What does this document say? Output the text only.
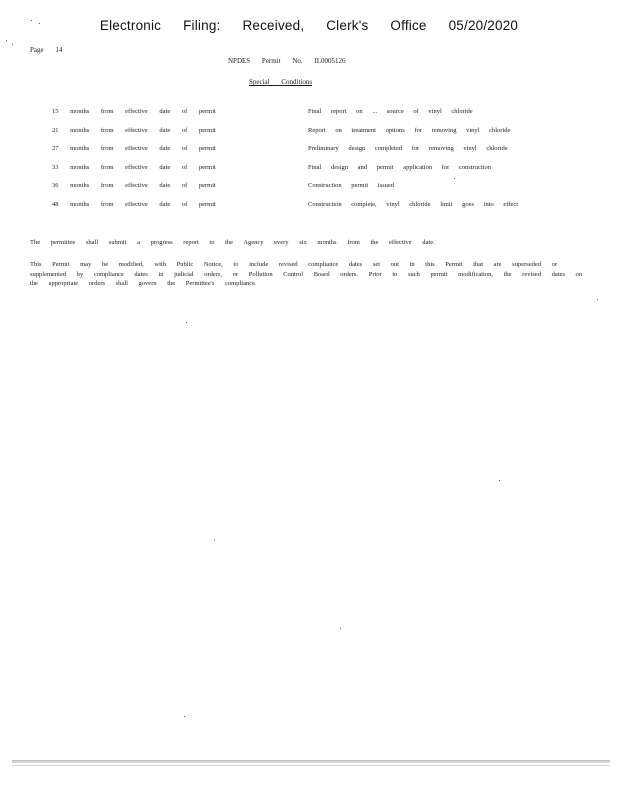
Electronic Filing: Received, Clerk's Office 05/20/2020
Page 14
NPDES Permit No. IL0005126
Special Conditions
15 months from effective date of permit	Final report on ... source of vinyl chloride
21 months from effective date of permit	Report on treatment options for removing vinyl chloride
27 months from effective date of permit	Preliminary design completed for removing vinyl chloride
33 months from effective date of permit	Final design and permit application for construction
36 months from effective date of permit	Construction permit issued
48 months from effective date of permit	Construction complete, vinyl chloride limit goes into effect
The permittee shall submit a progress report to the Agency every six months from the effective date.
This Permit may be modified, with Public Notice, to include revised compliance dates set out in this Permit that are superseded or supplemented by compliance dates in judicial orders, or Pollution Control Board orders. Prior to such permit modification, the revised dates on the appropriate orders shall govern the Permittee's compliance.
